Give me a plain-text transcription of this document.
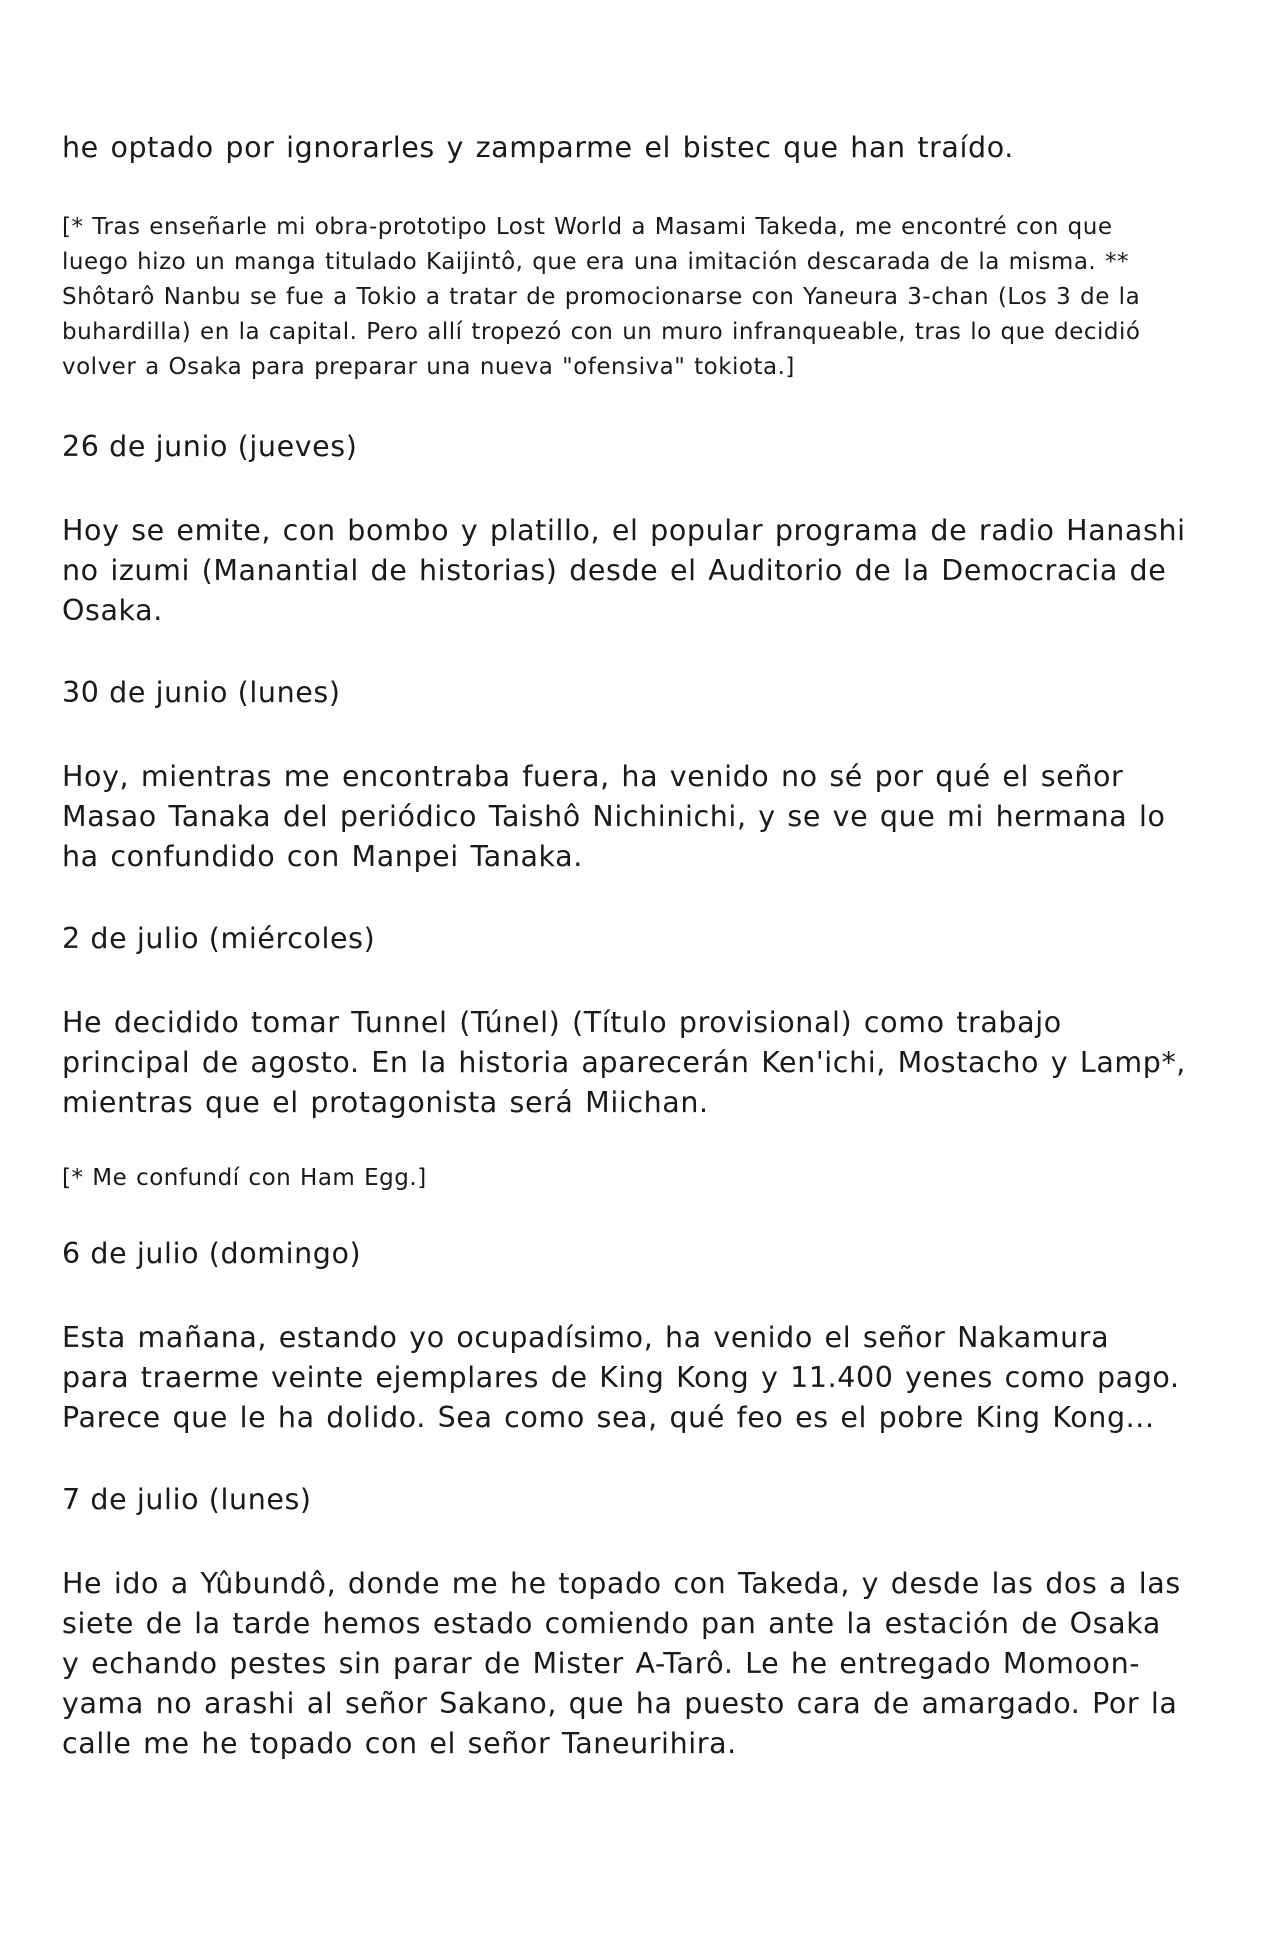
he optado por ignorarles y zamparme el bistec que han traído.

[* Tras enseñarle mi obra-prototipo Lost World a Masami Takeda, me encontré con que luego hizo un manga titulado Kaijintô, que era una imitación descarada de la misma. ** Shôtarô Nanbu se fue a Tokio a tratar de promocionarse con Yaneura 3-chan (Los 3 de la buhardilla) en la capital. Pero allí tropezó con un muro infranqueable, tras lo que decidió volver a Osaka para preparar una nueva "ofensiva" tokiota.]

26 de junio (jueves)

Hoy se emite, con bombo y platillo, el popular programa de radio Hanashi no izumi (Manantial de historias) desde el Auditorio de la Democracia de Osaka.

30 de junio (lunes)

Hoy, mientras me encontraba fuera, ha venido no sé por qué el señor Masao Tanaka del periódico Taishô Nichinichi, y se ve que mi hermana lo ha confundido con Manpei Tanaka.

2 de julio (miércoles)

He decidido tomar Tunnel (Túnel) (Título provisional) como trabajo principal de agosto. En la historia aparecerán Ken'ichi, Mostacho y Lamp*, mientras que el protagonista será Miichan.

[* Me confundí con Ham Egg.]

6 de julio (domingo)

Esta mañana, estando yo ocupadísimo, ha venido el señor Nakamura para traerme veinte ejemplares de King Kong y 11.400 yenes como pago. Parece que le ha dolido. Sea como sea, qué feo es el pobre King Kong...

7 de julio (lunes)

He ido a Yûbundô, donde me he topado con Takeda, y desde las dos a las siete de la tarde hemos estado comiendo pan ante la estación de Osaka y echando pestes sin parar de Mister A-Tarô. Le he entregado Momoon-yama no arashi al señor Sakano, que ha puesto cara de amargado. Por la calle me he topado con el señor Taneurihira.
